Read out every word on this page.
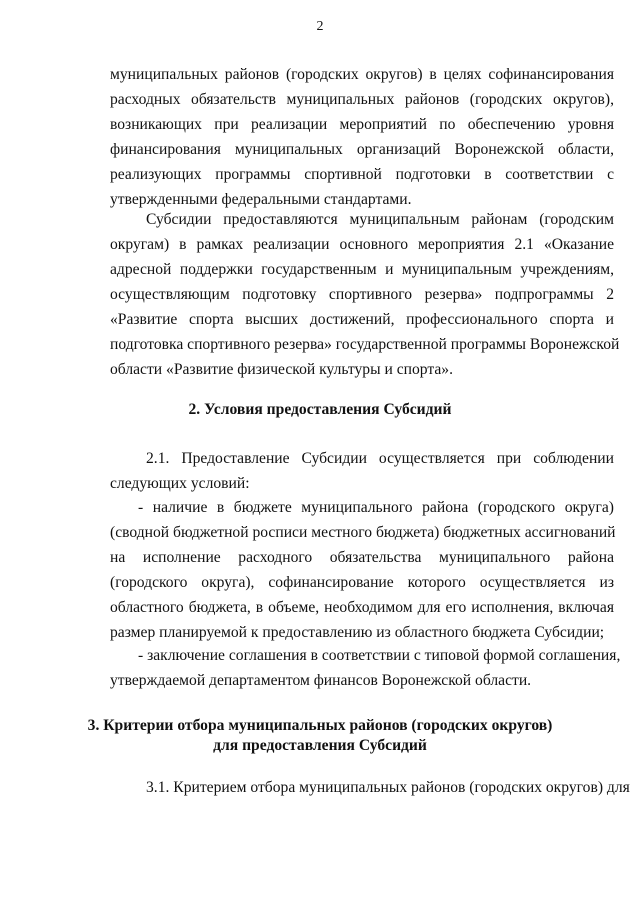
2
муниципальных районов (городских округов) в целях софинансирования
расходных обязательств муниципальных районов (городских округов),
возникающих при реализации мероприятий по обеспечению уровня
финансирования муниципальных организаций Воронежской области,
реализующих программы спортивной подготовки в соответствии с
утвержденными федеральными стандартами.
Субсидии предоставляются муниципальным районам (городским
округам) в рамках реализации основного мероприятия 2.1 «Оказание
адресной поддержки государственным и муниципальным учреждениям,
осуществляющим подготовку спортивного резерва» подпрограммы 2
«Развитие спорта высших достижений, профессионального спорта и
подготовка спортивного резерва» государственной программы Воронежской
области «Развитие физической культуры и спорта».
2. Условия предоставления Субсидий
2.1. Предоставление Субсидии осуществляется при соблюдении
следующих условий:
- наличие в бюджете муниципального района (городского округа)
(сводной бюджетной росписи местного бюджета) бюджетных ассигнований
на исполнение расходного обязательства муниципального района
(городского округа), софинансирование которого осуществляется из
областного бюджета, в объеме, необходимом для его исполнения, включая
размер планируемой к предоставлению из областного бюджета Субсидии;
- заключение соглашения в соответствии с типовой формой соглашения,
утверждаемой департаментом финансов Воронежской области.
3. Критерии отбора муниципальных районов (городских округов)
для предоставления Субсидий
3.1. Критерием отбора муниципальных районов (городских округов) для
